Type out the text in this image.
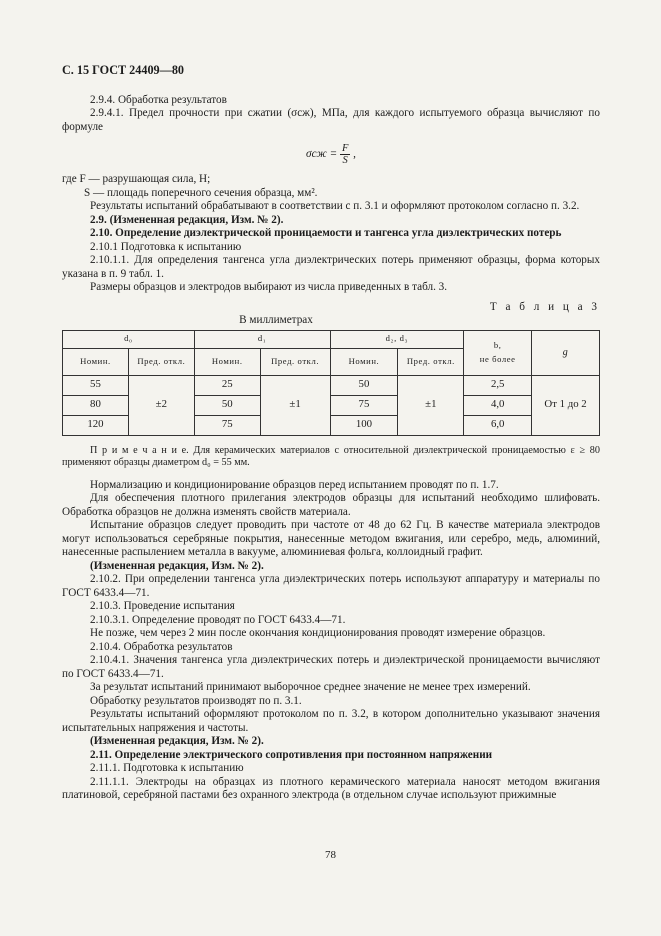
С. 15 ГОСТ 24409—80

2.9.4. Обработка результатов

2.9.4.1. Предел прочности при сжатии (σсж), МПа, для каждого испытуемого образца вычисляют по формуле

$\sigma сж = \frac{F}{S}$ ,

где F — разрушающая сила, Н;

S — площадь поперечного сечения образца, мм².

Результаты испытаний обрабатывают в соответствии с п. 3.1 и оформляют протоколом согласно п. 3.2.

2.9. (Измененная редакция, Изм. № 2).

2.10. Определение диэлектрической проницаемости и тангенса угла диэлектрических потерь

2.10.1 Подготовка к испытанию

2.10.1.1. Для определения тангенса угла диэлектрических потерь применяют образцы, форма которых указана в п. 9 табл. 1.

Размеры образцов и электродов выбирают из числа приведенных в табл. 3.

Т а б л и ц а 3
В миллиметрах
d₀		d₁		d₂, d₃		b,
не более	g
Номин.	Пред. откл.	Номин.	Пред. откл.	Номин.	Пред. откл.		
55	±2	25	±1	50	±1	2,5	От 1 до 2
80		50		75		4,0	
120		75		100		6,0	

П р и м е ч а н и е. Для керамических материалов с относительной диэлектрической проницаемостью ε ≥ 80 применяют образцы диаметром d₀ = 55 мм.

Нормализацию и кондиционирование образцов перед испытанием проводят по п. 1.7.

Для обеспечения плотного прилегания электродов образцы для испытаний необходимо шлифовать. Обработка образцов не должна изменять свойств материала.

Испытание образцов следует проводить при частоте от 48 до 62 Гц. В качестве материала электродов могут использоваться серебряные покрытия, нанесенные методом вжигания, или серебро, медь, алюминий, нанесенные распылением металла в вакууме, алюминиевая фольга, коллоидный графит.

(Измененная редакция, Изм. № 2).

2.10.2. При определении тангенса угла диэлектрических потерь используют аппаратуру и материалы по ГОСТ 6433.4—71.

2.10.3. Проведение испытания

2.10.3.1. Определение проводят по ГОСТ 6433.4—71.

Не позже, чем через 2 мин после окончания кондиционирования проводят измерение образцов.

2.10.4. Обработка результатов

2.10.4.1. Значения тангенса угла диэлектрических потерь и диэлектрической проницаемости вычисляют по ГОСТ 6433.4—71.

За результат испытаний принимают выборочное среднее значение не менее трех измерений.

Обработку результатов производят по п. 3.1.

Результаты испытаний оформляют протоколом по п. 3.2, в котором дополнительно указывают значения испытательных напряжения и частоты.

(Измененная редакция, Изм. № 2).

2.11. Определение электрического сопротивления при постоянном напряжении

2.11.1. Подготовка к испытанию

2.11.1.1. Электроды на образцах из плотного керамического материала наносят методом вжигания платиновой, серебряной пастами без охранного электрода (в отдельном случае используют прижимные

78
